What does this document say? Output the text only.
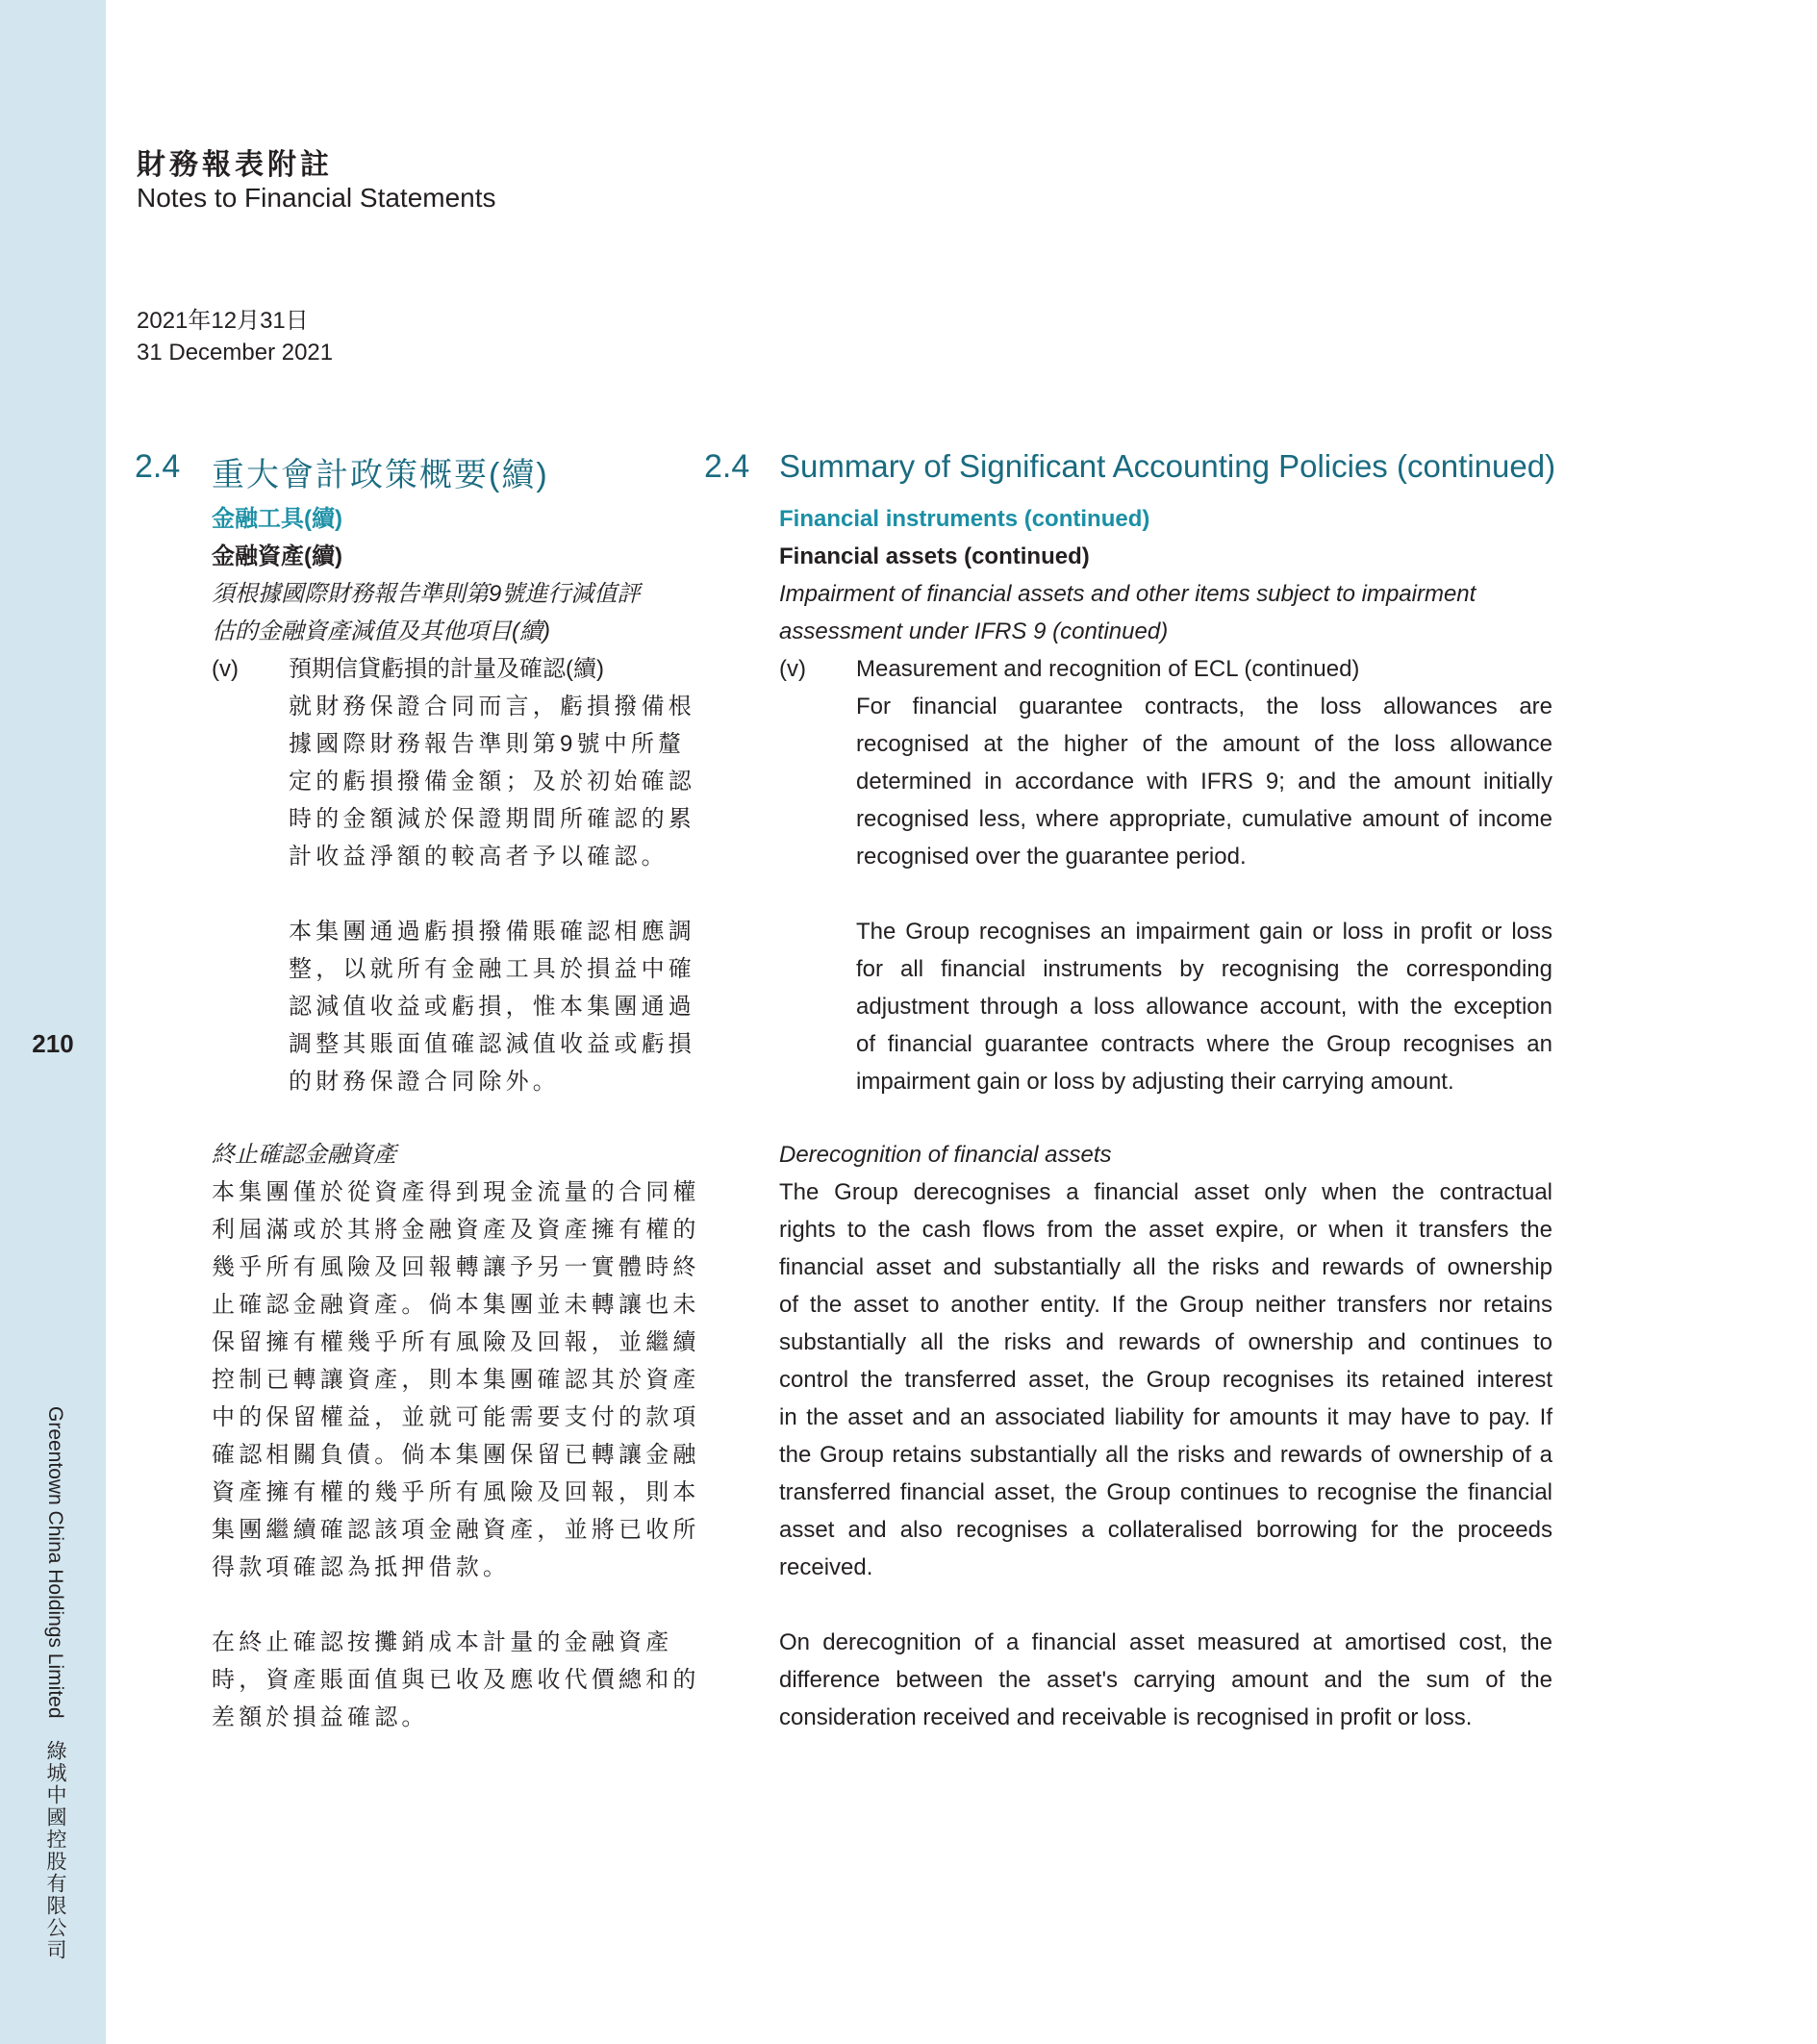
210
Greentown China Holdings Limited綠城中國控股有限公司
財務報表附註
Notes to Financial Statements
2021年12月31日
31 December 2021
2.4 重大會計政策概要(續)
金融工具(續)
金融資產(續)
須根據國際財務報告準則第9號進行減值評
估的金融資產減值及其他項目(續)
(v) 預期信貸虧損的計量及確認(續)
就財務保證合同而言，虧損撥備根
據國際財務報告準則第9號中所釐
定的虧損撥備金額；及於初始確認
時的金額減於保證期間所確認的累
計收益淨額的較高者予以確認。
本集團通過虧損撥備賬確認相應調
整，以就所有金融工具於損益中確
認減值收益或虧損，惟本集團通過
調整其賬面值確認減值收益或虧損
的財務保證合同除外。
終止確認金融資產
本集團僅於從資產得到現金流量的合同權
利屆滿或於其將金融資產及資產擁有權的
幾乎所有風險及回報轉讓予另一實體時終
止確認金融資產。倘本集團並未轉讓也未
保留擁有權幾乎所有風險及回報，並繼續
控制已轉讓資產，則本集團確認其於資產
中的保留權益，並就可能需要支付的款項
確認相關負債。倘本集團保留已轉讓金融
資產擁有權的幾乎所有風險及回報，則本
集團繼續確認該項金融資產，並將已收所
得款項確認為抵押借款。
在終止確認按攤銷成本計量的金融資產
時，資產賬面值與已收及應收代價總和的
差額於損益確認。
2.4 Summary of Significant Accounting Policies (continued)
Financial instruments (continued)
Financial assets (continued)
Impairment of financial assets and other items subject to impairment
assessment under IFRS 9 (continued)
(v) Measurement and recognition of ECL (continued)
For financial guarantee contracts, the loss allowances are
recognised at the higher of the amount of the loss allowance
determined in accordance with IFRS 9; and the amount initially
recognised less, where appropriate, cumulative amount of income
recognised over the guarantee period.
The Group recognises an impairment gain or loss in profit or loss
for all financial instruments by recognising the corresponding
adjustment through a loss allowance account, with the exception
of financial guarantee contracts where the Group recognises an
impairment gain or loss by adjusting their carrying amount.
Derecognition of financial assets
The Group derecognises a financial asset only when the contractual
rights to the cash flows from the asset expire, or when it transfers the
financial asset and substantially all the risks and rewards of ownership
of the asset to another entity. If the Group neither transfers nor retains
substantially all the risks and rewards of ownership and continues to
control the transferred asset, the Group recognises its retained interest
in the asset and an associated liability for amounts it may have to pay. If
the Group retains substantially all the risks and rewards of ownership of a
transferred financial asset, the Group continues to recognise the financial
asset and also recognises a collateralised borrowing for the proceeds
received.
On derecognition of a financial asset measured at amortised cost, the
difference between the asset's carrying amount and the sum of the
consideration received and receivable is recognised in profit or loss.
